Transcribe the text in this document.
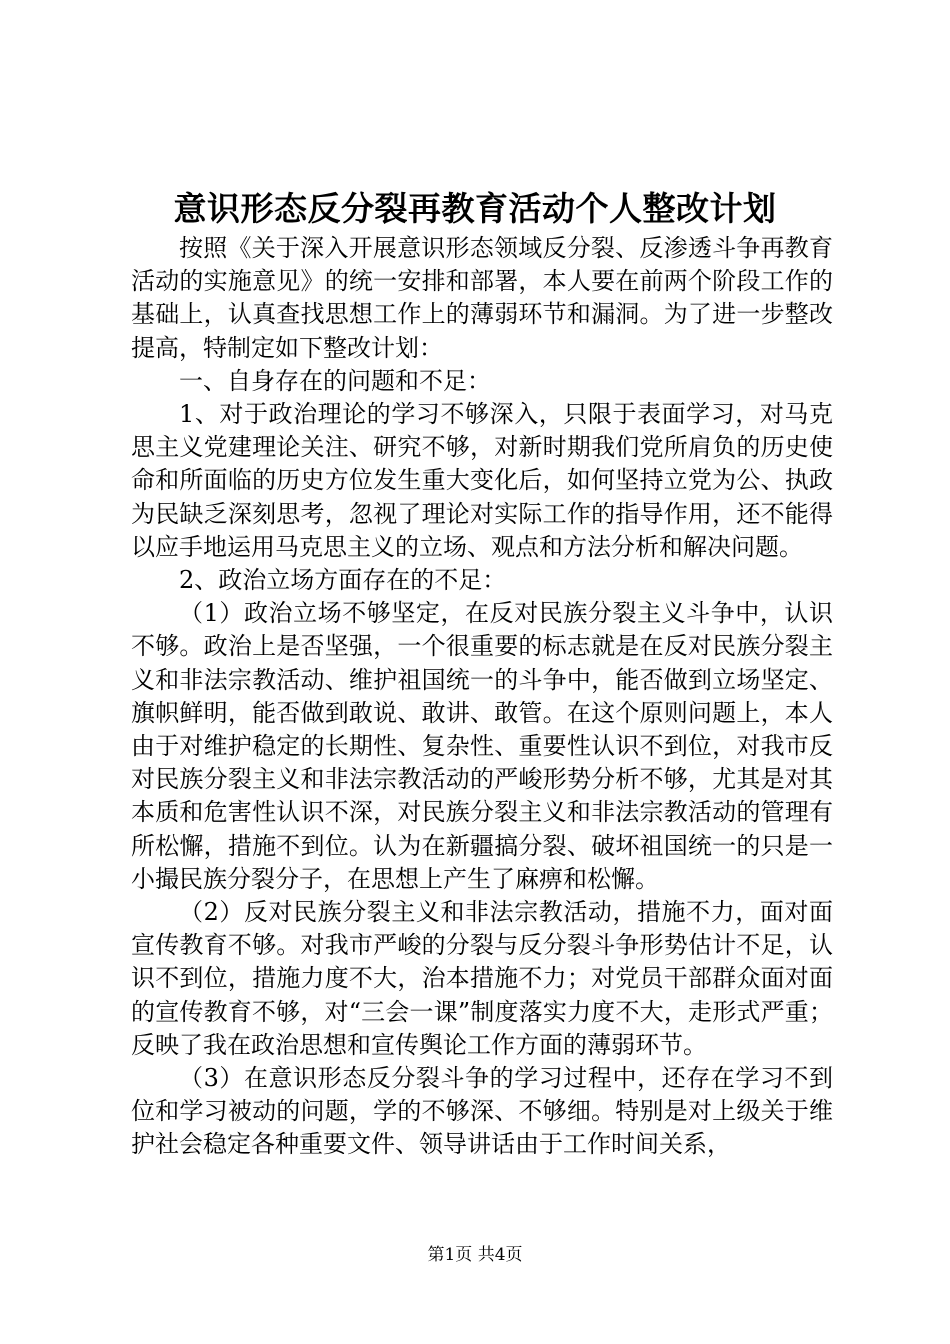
意识形态反分裂再教育活动个人整改计划

按照《关于深入开展意识形态领域反分裂、反渗透斗争再教育活动的实施意见》的统一安排和部署，本人要在前两个阶段工作的基础上，认真查找思想工作上的薄弱环节和漏洞。为了进一步整改提高，特制定如下整改计划：

一、自身存在的问题和不足：

1、对于政治理论的学习不够深入，只限于表面学习，对马克思主义党建理论关注、研究不够，对新时期我们党所肩负的历史使命和所面临的历史方位发生重大变化后，如何坚持立党为公、执政为民缺乏深刻思考，忽视了理论对实际工作的指导作用，还不能得以应手地运用马克思主义的立场、观点和方法分析和解决问题。

2、政治立场方面存在的不足：

（1）政治立场不够坚定，在反对民族分裂主义斗争中，认识不够。政治上是否坚强，一个很重要的标志就是在反对民族分裂主义和非法宗教活动、维护祖国统一的斗争中，能否做到立场坚定、旗帜鲜明，能否做到敢说、敢讲、敢管。在这个原则问题上，本人由于对维护稳定的长期性、复杂性、重要性认识不到位，对我市反对民族分裂主义和非法宗教活动的严峻形势分析不够，尤其是对其本质和危害性认识不深，对民族分裂主义和非法宗教活动的管理有所松懈，措施不到位。认为在新疆搞分裂、破坏祖国统一的只是一小撮民族分裂分子，在思想上产生了麻痹和松懈。

（2）反对民族分裂主义和非法宗教活动，措施不力，面对面宣传教育不够。对我市严峻的分裂与反分裂斗争形势估计不足，认识不到位，措施力度不大，治本措施不力；对党员干部群众面对面的宣传教育不够，对“三会一课”制度落实力度不大，走形式严重；反映了我在政治思想和宣传舆论工作方面的薄弱环节。

（3）在意识形态反分裂斗争的学习过程中，还存在学习不到位和学习被动的问题，学的不够深、不够细。特别是对上级关于维护社会稳定各种重要文件、领导讲话由于工作时间关系，

第1页 共4页
